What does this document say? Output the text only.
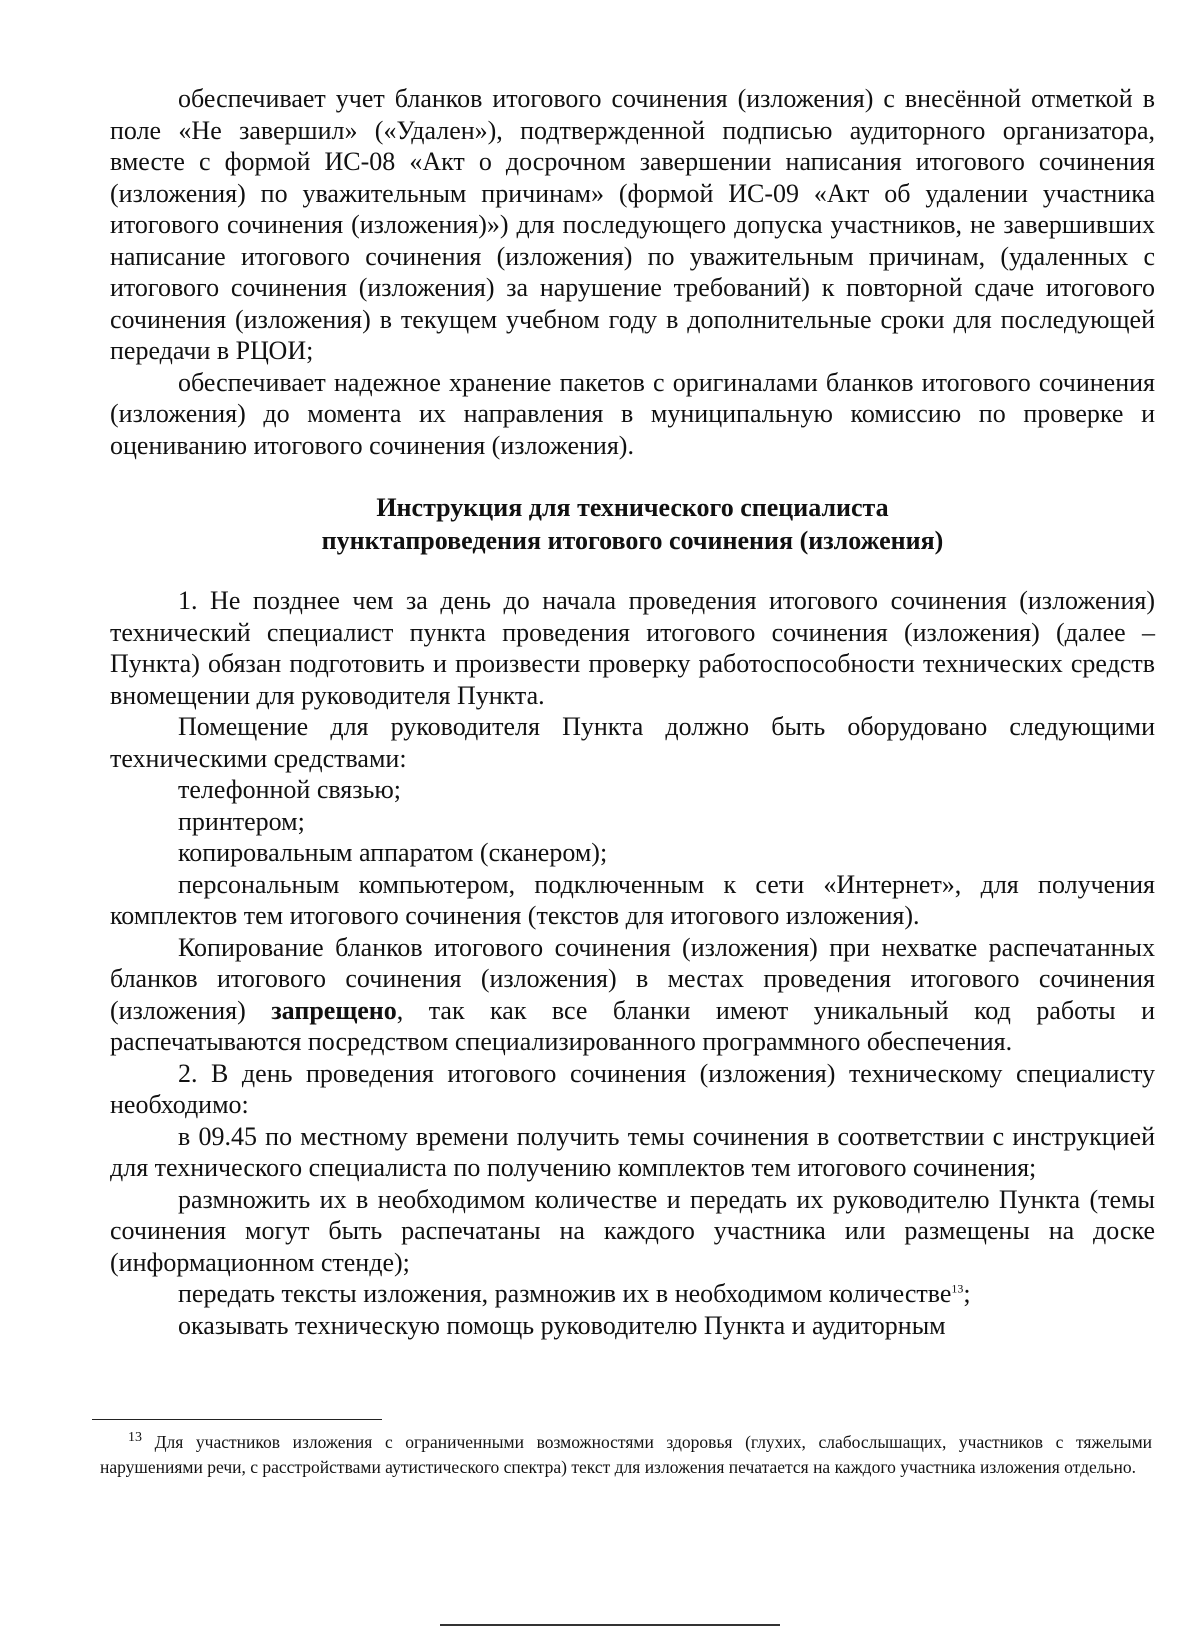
обеспечивает учет бланков итогового сочинения (изложения) с внесённой отметкой в поле «Не завершил» («Удален»), подтвержденной подписью аудиторного организатора, вместе с формой ИС-08 «Акт о досрочном завершении написания итогового сочинения (изложения) по уважительным причинам» (формой ИС-09 «Акт об удалении участника итогового сочинения (изложения)») для последующего допуска участников, не завершивших написание итогового сочинения (изложения) по уважительным причинам, (удаленных с итогового сочинения (изложения) за нарушение требований) к повторной сдаче итогового сочинения (изложения) в текущем учебном году в дополнительные сроки для последующей передачи в РЦОИ;

обеспечивает надежное хранение пакетов с оригиналами бланков итогового сочинения (изложения) до момента их направления в муниципальную комиссию по проверке и оцениванию итогового сочинения (изложения).

Инструкция для технического специалиста
пунктапроведения итогового сочинения (изложения)

1. Не позднее чем за день до начала проведения итогового сочинения (изложения) технический специалист пункта проведения итогового сочинения (изложения) (далее – Пункта) обязан подготовить и произвести проверку работоспособности технических средств вномещении для руководителя Пункта.

Помещение для руководителя Пункта должно быть оборудовано следующими техническими средствами:

телефонной связью;

принтером;

копировальным аппаратом (сканером);

персональным компьютером, подключенным к сети «Интернет», для получения комплектов тем итогового сочинения (текстов для итогового изложения).

Копирование бланков итогового сочинения (изложения) при нехватке распечатанных бланков итогового сочинения (изложения) в местах проведения итогового сочинения (изложения) запрещено, так как все бланки имеют уникальный код работы и распечатываются посредством специализированного программного обеспечения.

2. В день проведения итогового сочинения (изложения) техническому специалисту необходимо:

в 09.45 по местному времени получить темы сочинения в соответствии с инструкцией для технического специалиста по получению комплектов тем итогового сочинения;

размножить их в необходимом количестве и передать их руководителю Пункта (темы сочинения могут быть распечатаны на каждого участника или размещены на доске (информационном стенде);

передать тексты изложения, размножив их в необходимом количестве$^{13}$;

оказывать техническую помощь руководителю Пункта и аудиторным

$^{13}$ Для участников изложения с ограниченными возможностями здоровья (глухих, слабослышащих, участников с тяжелыми нарушениями речи, с расстройствами аутистического спектра) текст для изложения печатается на каждого участника изложения отдельно.
